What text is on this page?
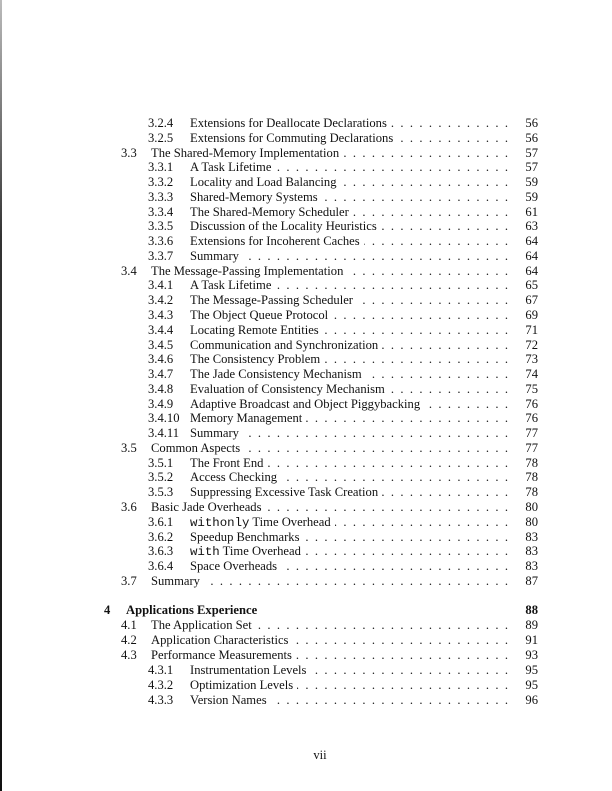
3.2.4 Extensions for Deallocate Declarations . . .	56
3.2.5 Extensions for Commuting Declarations . . .	56
3.3 The Shared-Memory Implementation . . .	57
3.3.1 A Task Lifetime . . .	57
3.3.2 Locality and Load Balancing . . .	59
3.3.3 Shared-Memory Systems . . .	59
3.3.4 The Shared-Memory Scheduler . . .	61
3.3.5 Discussion of the Locality Heuristics . . .	63
3.3.6 Extensions for Incoherent Caches . . .	64
3.3.7 Summary . . .	64
3.4 The Message-Passing Implementation . . .	64
3.4.1 A Task Lifetime . . .	65
3.4.2 The Message-Passing Scheduler . . .	67
3.4.3 The Object Queue Protocol . . .	69
3.4.4 Locating Remote Entities . . .	71
3.4.5 Communication and Synchronization . . .	72
3.4.6 The Consistency Problem . . .	73
3.4.7 The Jade Consistency Mechanism . . .	74
3.4.8 Evaluation of Consistency Mechanism . . .	75
3.4.9 Adaptive Broadcast and Object Piggybacking . . .	76
3.4.10 Memory Management . . .	76
3.4.11 Summary . . .	77
3.5 Common Aspects . . .	77
3.5.1 The Front End . . .	78
3.5.2 Access Checking . . .	78
3.5.3 Suppressing Excessive Task Creation . . .	78
3.6 Basic Jade Overheads . . .	80
3.6.1 withonly Time Overhead . . .	80
3.6.2 Speedup Benchmarks . . .	83
3.6.3 with Time Overhead . . .	83
3.6.4 Space Overheads . . .	83
3.7 Summary . . .	87
4 Applications Experience	88
4.1 The Application Set . . .	89
4.2 Application Characteristics . . .	91
4.3 Performance Measurements . . .	93
4.3.1 Instrumentation Levels . . .	95
4.3.2 Optimization Levels . . .	95
4.3.3 Version Names . . .	96
vii
